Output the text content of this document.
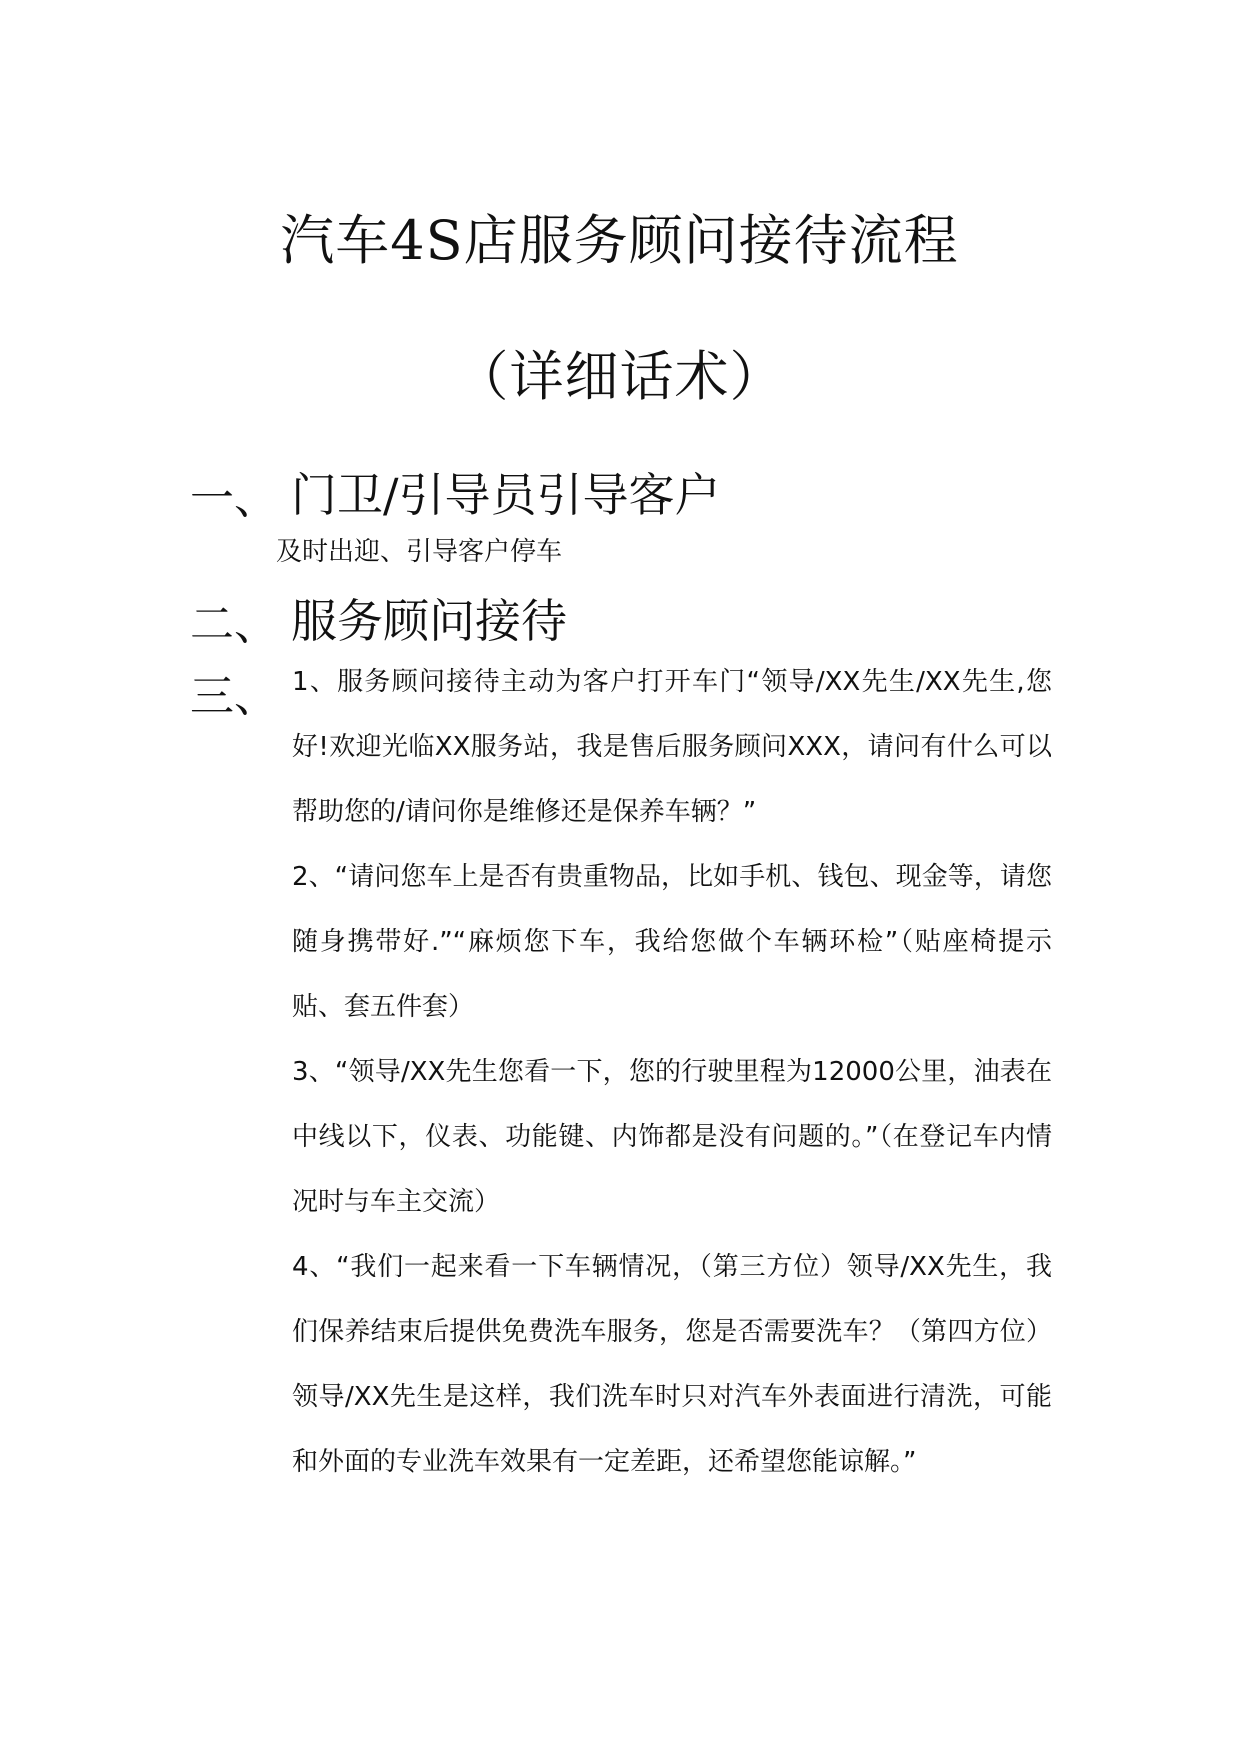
汽车4S店服务顾问接待流程
（详细话术）
一、 门卫/引导员引导客户
及时出迎、引导客户停车
二、 服务顾问接待
三、 1、服务顾问接待主动为客户打开车门“领导/XX先生/XX先生,您好!欢迎光临XX服务站，我是售后服务顾问XXX，请问有什么可以帮助您的/请问你是维修还是保养车辆？”

2、“请问您车上是否有贵重物品，比如手机、钱包、现金等，请您随身携带好.”“麻烦您下车，我给您做个车辆环检”（贴座椅提示贴、套五件套）

3、“领导/XX先生您看一下，您的行驶里程为12000公里，油表在中线以下，仪表、功能键、内饰都是没有问题的。”（在登记车内情况时与车主交流）

4、“我们一起来看一下车辆情况，（第三方位）领导/XX先生，我们保养结束后提供免费洗车服务，您是否需要洗车？（第四方位）领导/XX先生是这样，我们洗车时只对汽车外表面进行清洗，可能和外面的专业洗车效果有一定差距，还希望您能谅解。”
